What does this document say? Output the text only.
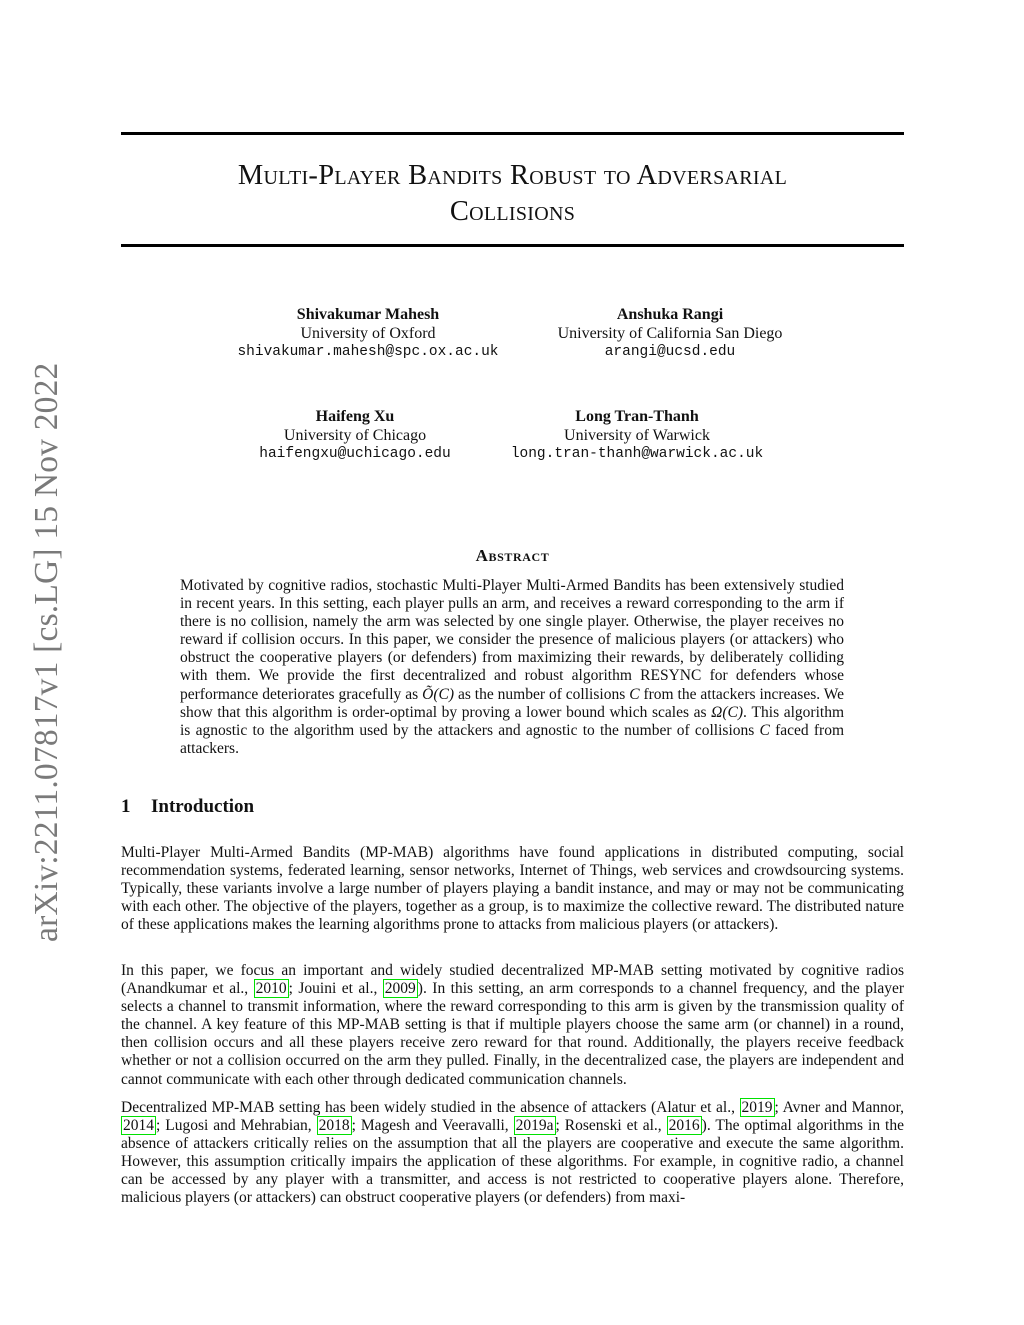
arXiv:2211.07817v1 [cs.LG] 15 Nov 2022
Multi-Player Bandits Robust to Adversarial
Collisions
Shivakumar Mahesh
University of Oxford
shivakumar.mahesh@spc.ox.ac.uk
Anshuka Rangi
University of California San Diego
arangi@ucsd.edu
Haifeng Xu
University of Chicago
haifengxu@uchicago.edu
Long Tran-Thanh
University of Warwick
long.tran-thanh@warwick.ac.uk
Abstract

Motivated by cognitive radios, stochastic Multi-Player Multi-Armed Bandits has been extensively studied in recent years. In this setting, each player pulls an arm, and receives a reward corresponding to the arm if there is no collision, namely the arm was selected by one single player. Otherwise, the player receives no reward if collision occurs. In this paper, we consider the presence of malicious players (or attackers) who obstruct the cooperative players (or defenders) from maximizing their rewards, by deliberately colliding with them. We provide the first decentralized and robust algorithm RESYNC for defenders whose performance deteriorates gracefully as Õ(C) as the number of collisions C from the attackers increases. We show that this algorithm is order-optimal by proving a lower bound which scales as Ω(C). This algorithm is agnostic to the algorithm used by the attackers and agnostic to the number of collisions C faced from attackers.

1 Introduction

Multi-Player Multi-Armed Bandits (MP-MAB) algorithms have found applications in distributed computing, social recommendation systems, federated learning, sensor networks, Internet of Things, web services and crowdsourcing systems. Typically, these variants involve a large number of players playing a bandit instance, and may or may not be communicating with each other. The objective of the players, together as a group, is to maximize the collective reward. The distributed nature of these applications makes the learning algorithms prone to attacks from malicious players (or attackers).

In this paper, we focus an important and widely studied decentralized MP-MAB setting motivated by cognitive radios (Anandkumar et al., 2010 ; Jouini et al., 2009 ). In this setting, an arm corresponds to a channel frequency, and the player selects a channel to transmit information, where the reward corresponding to this arm is given by the transmission quality of the channel. A key feature of this MP-MAB setting is that if multiple players choose the same arm (or channel) in a round, then collision occurs and all these players receive zero reward for that round. Additionally, the players receive feedback whether or not a collision occurred on the arm they pulled. Finally, in the decentralized case, the players are independent and cannot communicate with each other through dedicated communication channels.

Decentralized MP-MAB setting has been widely studied in the absence of attackers (Alatur et al., 2019 ; Avner and Mannor, 2014 ; Lugosi and Mehrabian, 2018 ; Magesh and Veeravalli, 2019a ; Rosenski et al., 2016 ). The optimal algorithms in the absence of attackers critically relies on the assumption that all the players are cooperative and execute the same algorithm. However, this assumption critically impairs the application of these algorithms. For example, in cognitive radio, a channel can be accessed by any player with a transmitter, and access is not restricted to cooperative players alone. Therefore, malicious players (or attackers) can obstruct cooperative players (or defenders) from maxi-
